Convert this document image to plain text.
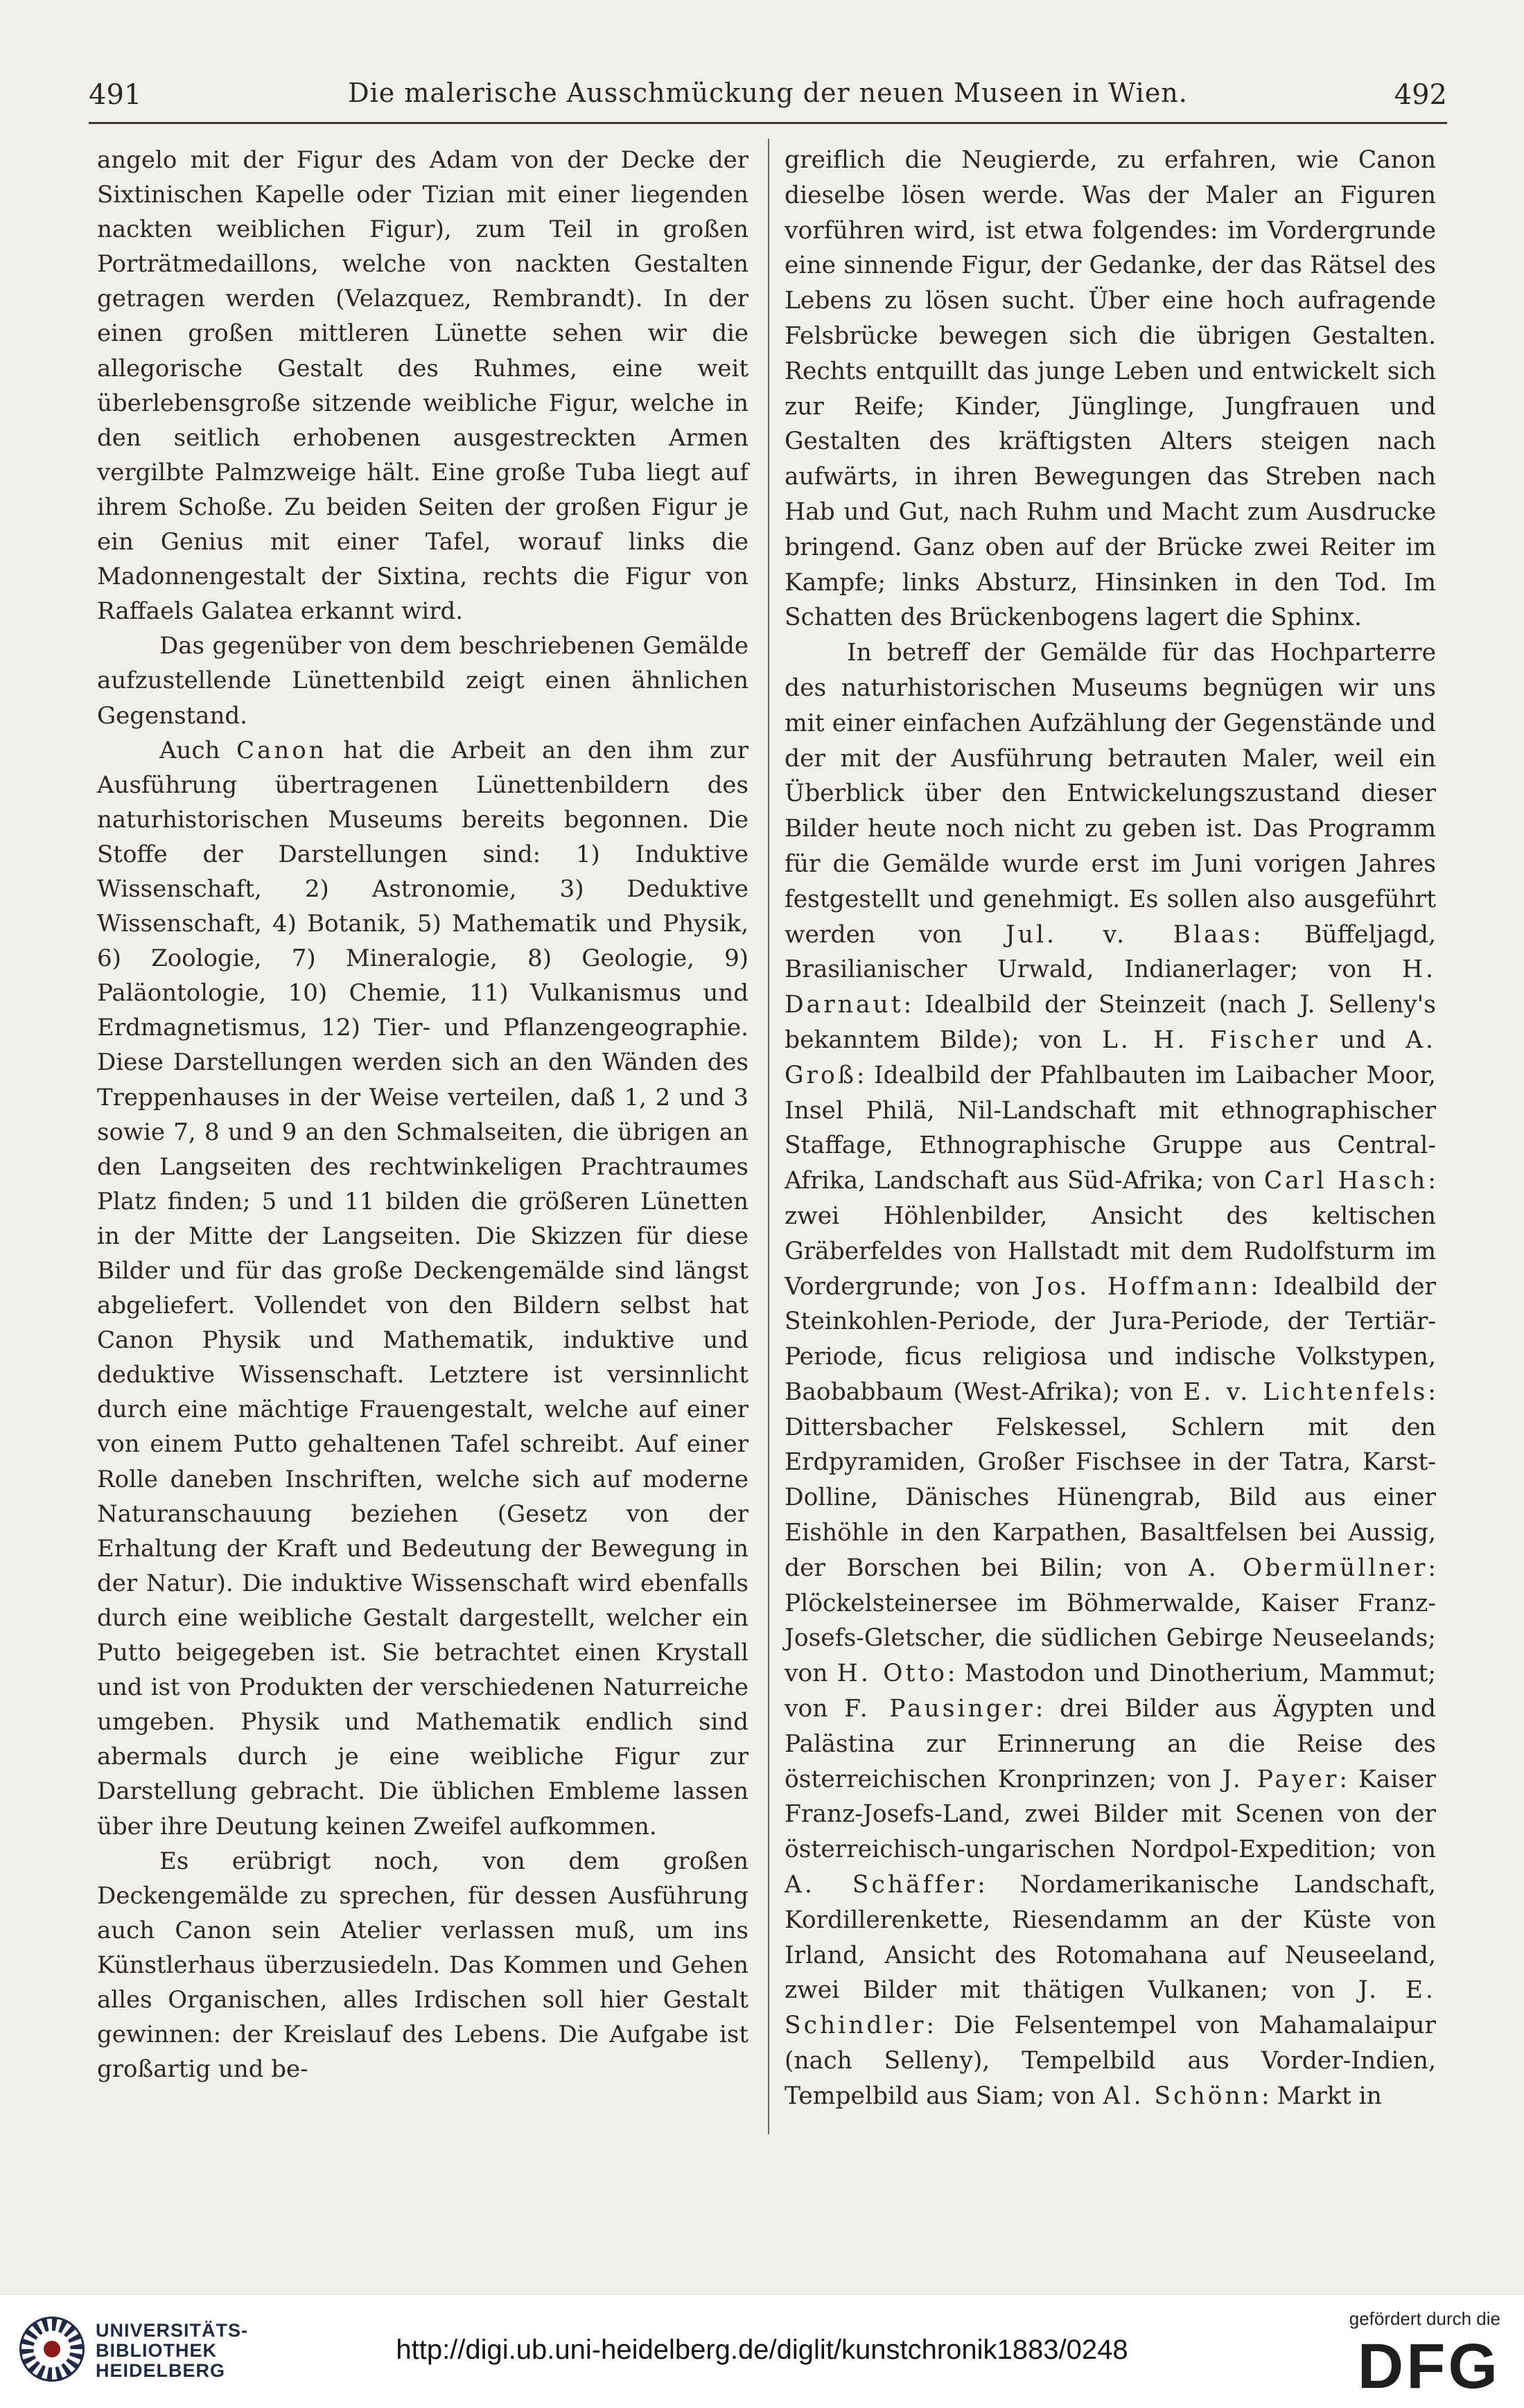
491	Die malerische Ausschmückung der neuen Museen in Wien.	492

angelo mit der Figur des Adam von der Decke der Sixtinischen Kapelle oder Tizian mit einer liegenden nackten weiblichen Figur), zum Teil in großen Porträtmedaillons, welche von nackten Gestalten getragen werden (Velazquez, Rembrandt). In der einen großen mittleren Lünette sehen wir die allegorische Gestalt des Ruhmes, eine weit überlebensgroße sitzende weibliche Figur, welche in den seitlich erhobenen ausgestreckten Armen vergilbte Palmzweige hält. Eine große Tuba liegt auf ihrem Schoße. Zu beiden Seiten der großen Figur je ein Genius mit einer Tafel, worauf links die Madonnengestalt der Sixtina, rechts die Figur von Raffaels Galatea erkannt wird.

Das gegenüber von dem beschriebenen Gemälde aufzustellende Lünettenbild zeigt einen ähnlichen Gegenstand.

Auch Canon hat die Arbeit an den ihm zur Ausführung übertragenen Lünettenbildern des naturhistorischen Museums bereits begonnen. Die Stoffe der Darstellungen sind: 1) Induktive Wissenschaft, 2) Astronomie, 3) Deduktive Wissenschaft, 4) Botanik, 5) Mathematik und Physik, 6) Zoologie, 7) Mineralogie, 8) Geologie, 9) Paläontologie, 10) Chemie, 11) Vulkanismus und Erdmagnetismus, 12) Tier- und Pflanzengeographie. Diese Darstellungen werden sich an den Wänden des Treppenhauses in der Weise verteilen, daß 1, 2 und 3 sowie 7, 8 und 9 an den Schmalseiten, die übrigen an den Langseiten des rechtwinkeligen Prachtraumes Platz finden; 5 und 11 bilden die größeren Lünetten in der Mitte der Langseiten. Die Skizzen für diese Bilder und für das große Deckengemälde sind längst abgeliefert. Vollendet von den Bildern selbst hat Canon Physik und Mathematik, induktive und deduktive Wissenschaft. Letztere ist versinnlicht durch eine mächtige Frauengestalt, welche auf einer von einem Putto gehaltenen Tafel schreibt. Auf einer Rolle daneben Inschriften, welche sich auf moderne Naturanschauung beziehen (Gesetz von der Erhaltung der Kraft und Bedeutung der Bewegung in der Natur). Die induktive Wissenschaft wird ebenfalls durch eine weibliche Gestalt dargestellt, welcher ein Putto beigegeben ist. Sie betrachtet einen Krystall und ist von Produkten der verschiedenen Naturreiche umgeben. Physik und Mathematik endlich sind abermals durch je eine weibliche Figur zur Darstellung gebracht. Die üblichen Embleme lassen über ihre Deutung keinen Zweifel aufkommen.

Es erübrigt noch, von dem großen Deckengemälde zu sprechen, für dessen Ausführung auch Canon sein Atelier verlassen muß, um ins Künstlerhaus überzusiedeln. Das Kommen und Gehen alles Organischen, alles Irdischen soll hier Gestalt gewinnen: der Kreislauf des Lebens. Die Aufgabe ist großartig und be-

greiflich die Neugierde, zu erfahren, wie Canon dieselbe lösen werde. Was der Maler an Figuren vorführen wird, ist etwa folgendes: im Vordergrunde eine sinnende Figur, der Gedanke, der das Rätsel des Lebens zu lösen sucht. Über eine hoch aufragende Felsbrücke bewegen sich die übrigen Gestalten. Rechts entquillt das junge Leben und entwickelt sich zur Reife; Kinder, Jünglinge, Jungfrauen und Gestalten des kräftigsten Alters steigen nach aufwärts, in ihren Bewegungen das Streben nach Hab und Gut, nach Ruhm und Macht zum Ausdrucke bringend. Ganz oben auf der Brücke zwei Reiter im Kampfe; links Absturz, Hinsinken in den Tod. Im Schatten des Brückenbogens lagert die Sphinx.

In betreff der Gemälde für das Hochparterre des naturhistorischen Museums begnügen wir uns mit einer einfachen Aufzählung der Gegenstände und der mit der Ausführung betrauten Maler, weil ein Überblick über den Entwickelungszustand dieser Bilder heute noch nicht zu geben ist. Das Programm für die Gemälde wurde erst im Juni vorigen Jahres festgestellt und genehmigt. Es sollen also ausgeführt werden von Jul. v. Blaas: Büffeljagd, Brasilianischer Urwald, Indianerlager; von H. Darnaut: Idealbild der Steinzeit (nach J. Selleny's bekanntem Bilde); von L. H. Fischer und A. Groß: Idealbild der Pfahlbauten im Laibacher Moor, Insel Philä, Nil-Landschaft mit ethnographischer Staffage, Ethnographische Gruppe aus Central-Afrika, Landschaft aus Süd-Afrika; von Carl Hasch: zwei Höhlenbilder, Ansicht des keltischen Gräberfeldes von Hallstadt mit dem Rudolfsturm im Vordergrunde; von Jos. Hoffmann: Idealbild der Steinkohlen-Periode, der Jura-Periode, der Tertiär-Periode, ficus religiosa und indische Volkstypen, Baobabbaum (West-Afrika); von E. v. Lichtenfels: Dittersbacher Felskessel, Schlern mit den Erdpyramiden, Großer Fischsee in der Tatra, Karst-Dolline, Dänisches Hünengrab, Bild aus einer Eishöhle in den Karpathen, Basaltfelsen bei Aussig, der Borschen bei Bilin; von A. Obermüllner: Plöckelsteinersee im Böhmerwalde, Kaiser Franz-Josefs-Gletscher, die südlichen Gebirge Neuseelands; von H. Otto: Mastodon und Dinotherium, Mammut; von F. Pausinger: drei Bilder aus Ägypten und Palästina zur Erinnerung an die Reise des österreichischen Kronprinzen; von J. Payer: Kaiser Franz-Josefs-Land, zwei Bilder mit Scenen von der österreichisch-ungarischen Nordpol-Expedition; von A. Schäffer: Nordamerikanische Landschaft, Kordillerenkette, Riesendamm an der Küste von Irland, Ansicht des Rotomahana auf Neuseeland, zwei Bilder mit thätigen Vulkanen; von J. E. Schindler: Die Felsentempel von Mahamalaipur (nach Selleny), Tempelbild aus Vorder-Indien, Tempelbild aus Siam; von Al. Schönn: Markt in

UNIVERSITÄTS-
BIBLIOTHEK
HEIDELBERG
http://digi.ub.uni-heidelberg.de/diglit/kunstchronik1883/0248
gefördert durch die
DFG
